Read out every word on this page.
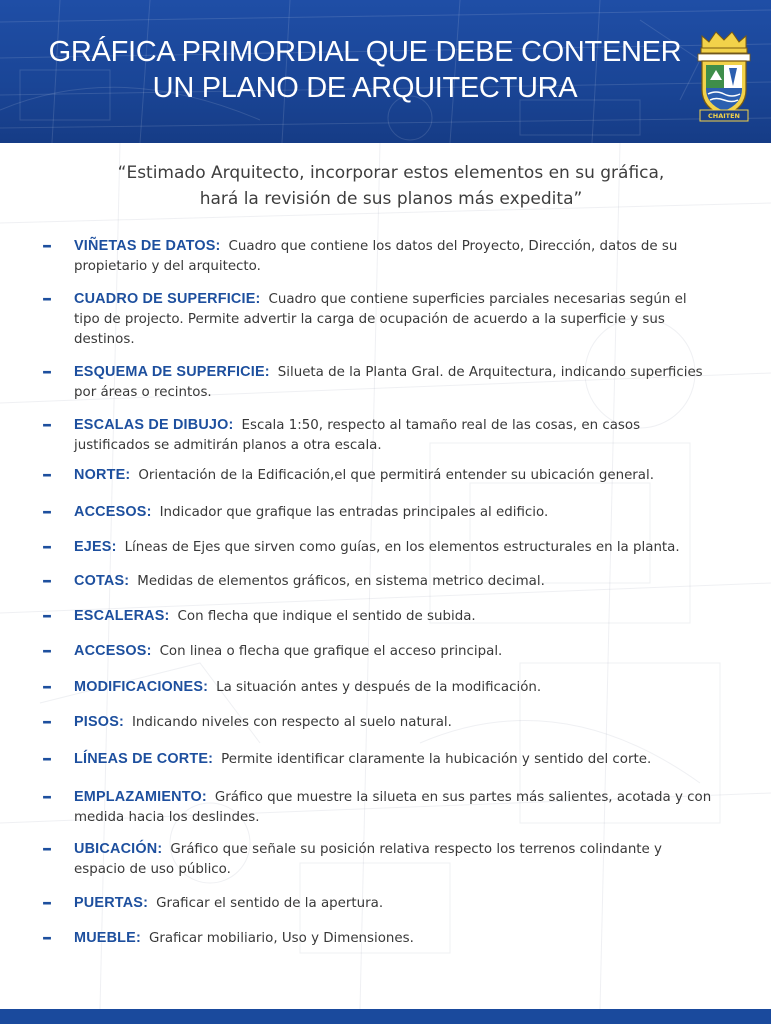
GRÁFICA PRIMORDIAL QUE DEBE CONTENER
UN PLANO DE ARQUITECTURA
CHAITEN
“Estimado Arquitecto, incorporar estos elementos en su gráfica,
hará la revisión de sus planos más expedita”
– VIÑETAS DE DATOS: Cuadro que contiene los datos del Proyecto, Dirección, datos de su propietario y del arquitecto.
– CUADRO DE SUPERFICIE: Cuadro que contiene superficies parciales necesarias según el tipo de projecto. Permite advertir la carga de ocupación de acuerdo a la superficie y sus destinos.
– ESQUEMA DE SUPERFICIE: Silueta de la Planta Gral. de Arquitectura, indicando superficies por áreas o recintos.
– ESCALAS DE DIBUJO: Escala 1:50, respecto al tamaño real de las cosas, en casos justificados se admitirán planos a otra escala.
– NORTE: Orientación de la Edificación,el que permitirá entender su ubicación general.
– ACCESOS: Indicador que grafique las entradas principales al edificio.
– EJES: Líneas de Ejes que sirven como guías, en los elementos estructurales en la planta.
– COTAS: Medidas de elementos gráficos, en sistema metrico decimal.
– ESCALERAS: Con flecha que indique el sentido de subida.
– ACCESOS: Con linea o flecha que grafique el acceso principal.
– MODIFICACIONES: La situación antes y después de la modificación.
– PISOS: Indicando niveles con respecto al suelo natural.
– LÍNEAS DE CORTE: Permite identificar claramente la hubicación y sentido del corte.
– EMPLAZAMIENTO: Gráfico que muestre la silueta en sus partes más salientes, acotada y con medida hacia los deslindes.
– UBICACIÓN: Gráfico que señale su posición relativa respecto los terrenos colindante y espacio de uso público.
– PUERTAS: Graficar el sentido de la apertura.
– MUEBLE: Graficar mobiliario, Uso y Dimensiones.
